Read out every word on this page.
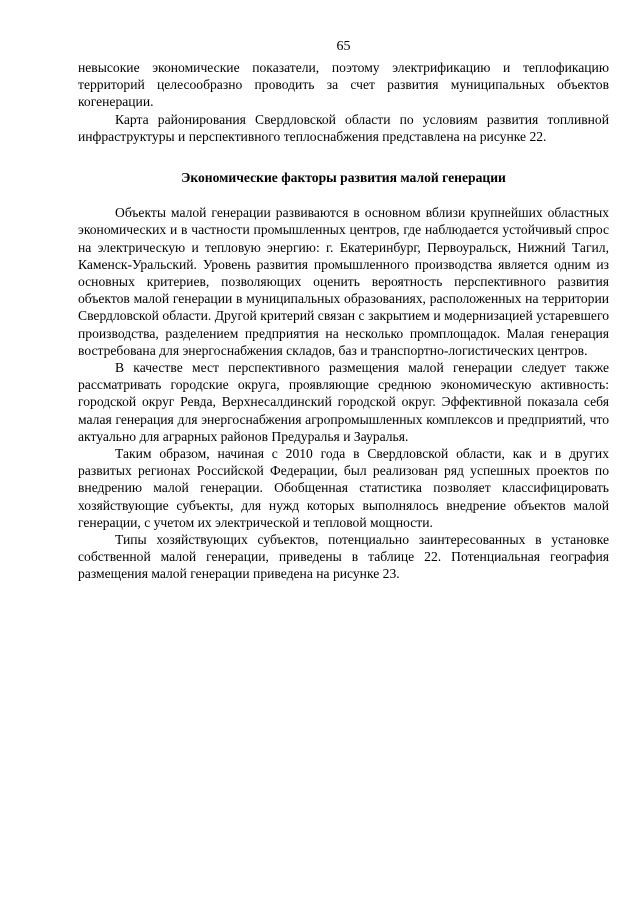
65

невысокие экономические показатели, поэтому электрификацию и теплофикацию территорий целесообразно проводить за счет развития муниципальных объектов когенерации.

Карта районирования Свердловской области по условиям развития топливной инфраструктуры и перспективного теплоснабжения представлена на рисунке 22.

Экономические факторы развития малой генерации

Объекты малой генерации развиваются в основном вблизи крупнейших областных экономических и в частности промышленных центров, где наблюдается устойчивый спрос на электрическую и тепловую энергию: г. Екатеринбург, Первоуральск, Нижний Тагил, Каменск-Уральский. Уровень развития промышленного производства является одним из основных критериев, позволяющих оценить вероятность перспективного развития объектов малой генерации в муниципальных образованиях, расположенных на территории Свердловской области. Другой критерий связан с закрытием и модернизацией устаревшего производства, разделением предприятия на несколько промплощадок. Малая генерация востребована для энергоснабжения складов, баз и транспортно-логистических центров.

В качестве мест перспективного размещения малой генерации следует также рассматривать городские округа, проявляющие среднюю экономическую активность: городской округ Ревда, Верхнесалдинский городской округ. Эффективной показала себя малая генерация для энергоснабжения агропромышленных комплексов и предприятий, что актуально для аграрных районов Предуралья и Зауралья.

Таким образом, начиная с 2010 года в Свердловской области, как и в других развитых регионах Российской Федерации, был реализован ряд успешных проектов по внедрению малой генерации. Обобщенная статистика позволяет классифицировать хозяйствующие субъекты, для нужд которых выполнялось внедрение объектов малой генерации, с учетом их электрической и тепловой мощности.

Типы хозяйствующих субъектов, потенциально заинтересованных в установке собственной малой генерации, приведены в таблице 22. Потенциальная география размещения малой генерации приведена на рисунке 23.
